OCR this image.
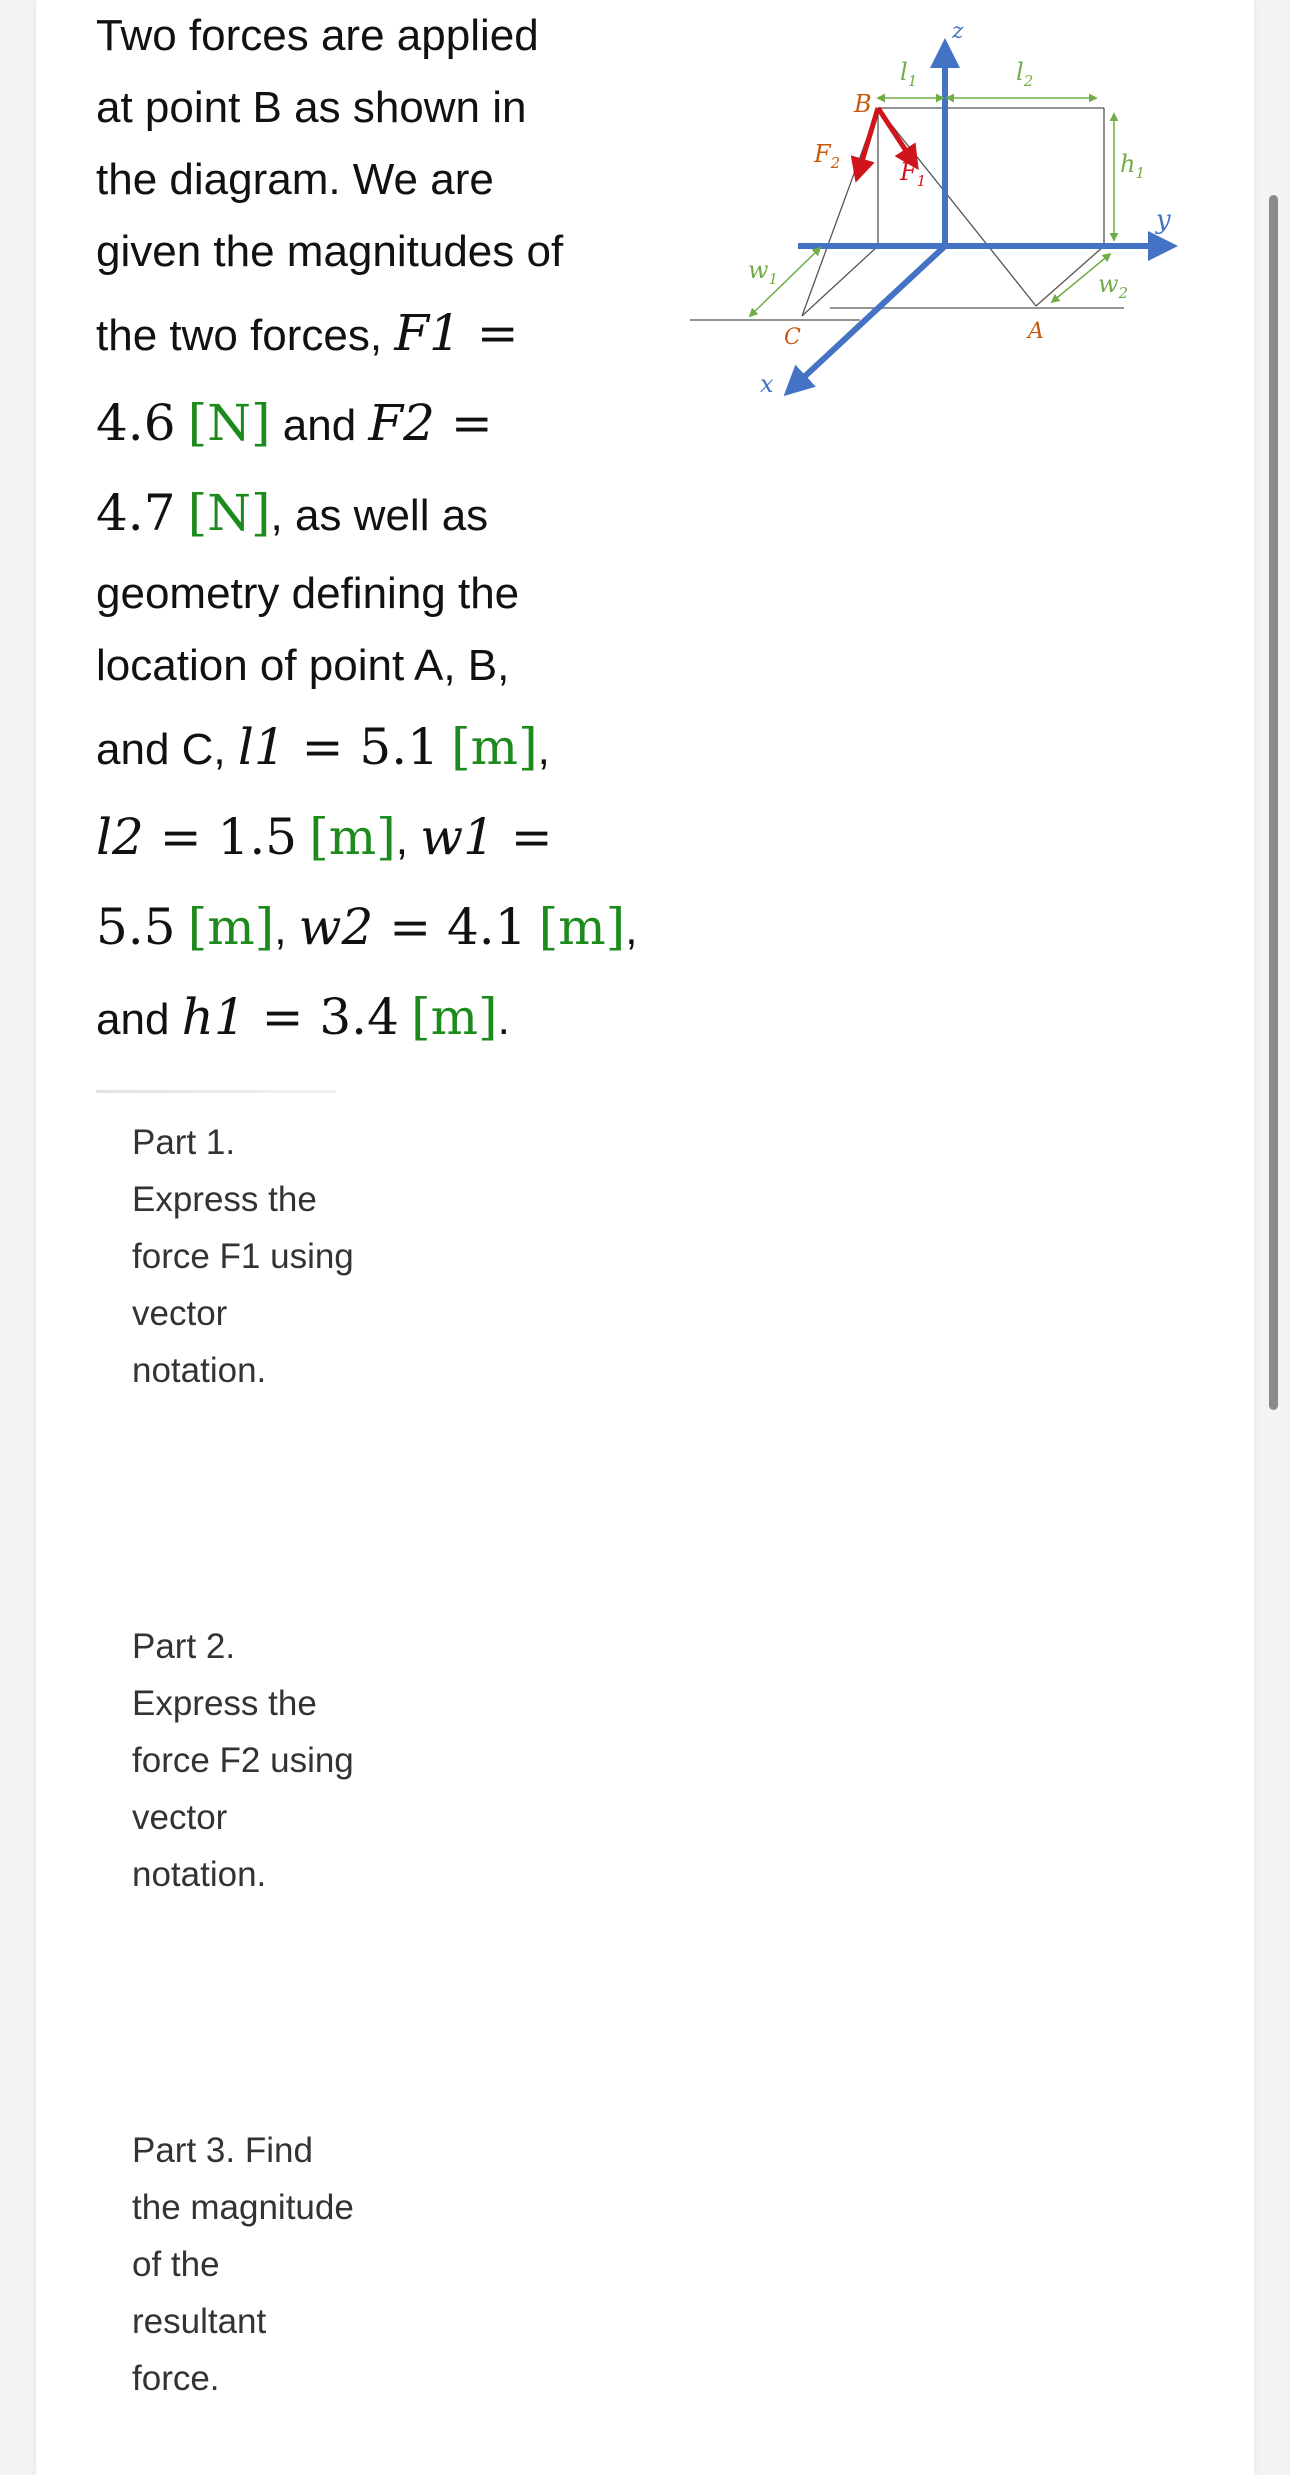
Two forces are applied
at point B as shown in
the diagram. We are
given the magnitudes of
the two forces, F1 =
4.6 [N] and F2 =
4.7 [N], as well as
geometry defining the
location of point A, B,
and C, l1 = 5.1 [m],
l2 = 1.5 [m], w1 =
5.5 [m], w2 = 4.1 [m],
and h1 = 3.4 [m].
Part 1. Express the force F1 using vector notation.
Part 2. Express the force F2 using vector notation.
Part 3. Find the magnitude of the resultant force.
z
y
x
$l_1$	$l_2$
$h_1$
$w_1$	$w_2$
B
A
C
$F_1$
$F_2$
